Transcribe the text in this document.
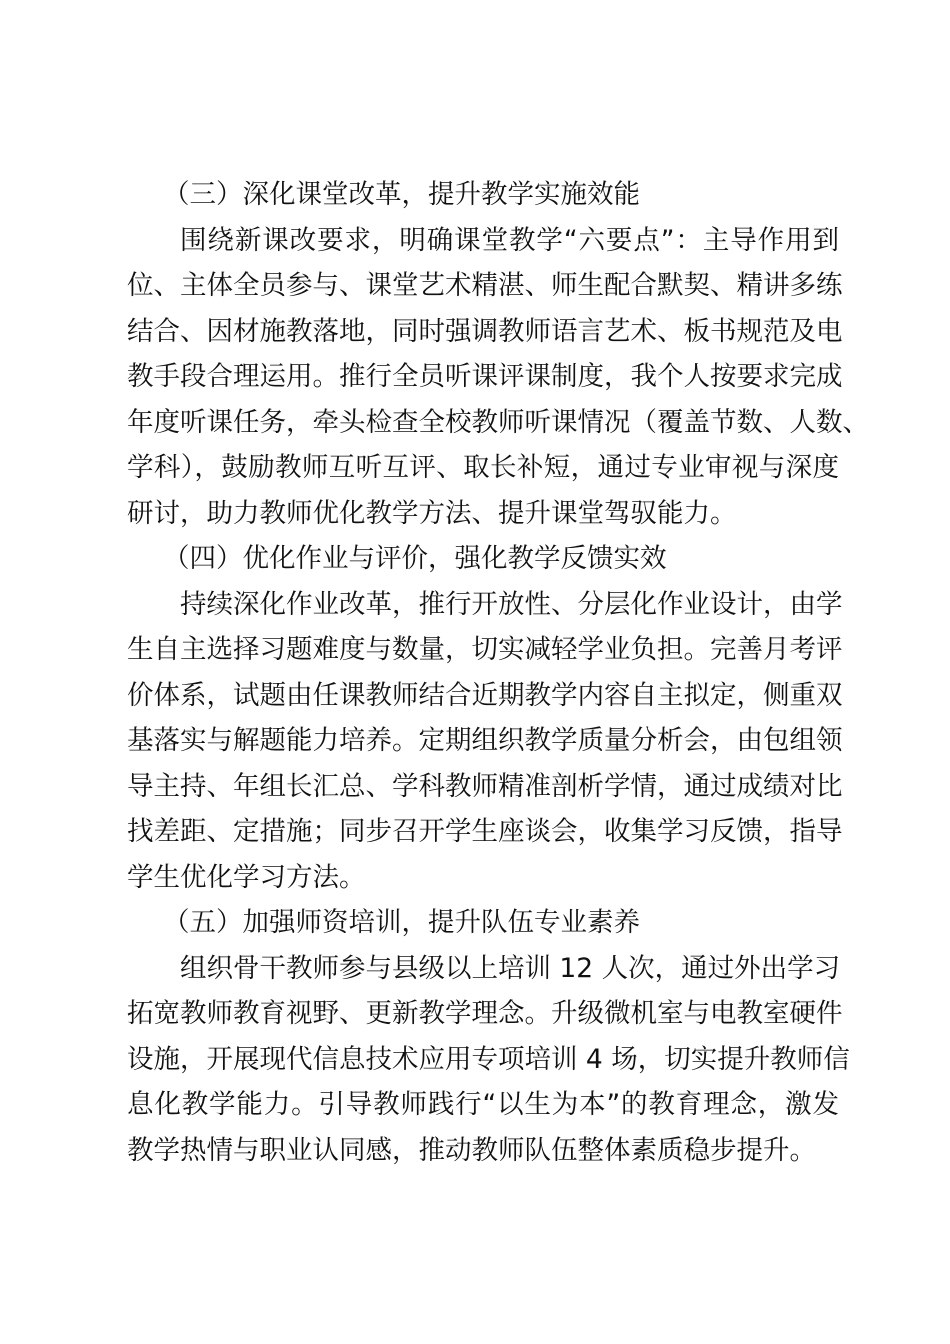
（三）深化课堂改革，提升教学实施效能
围绕新课改要求，明确课堂教学“六要点”：主导作用到
位、主体全员参与、课堂艺术精湛、师生配合默契、精讲多练
结合、因材施教落地，同时强调教师语言艺术、板书规范及电
教手段合理运用。推行全员听课评课制度，我个人按要求完成
年度听课任务，牵头检查全校教师听课情况（覆盖节数、人数、
学科），鼓励教师互听互评、取长补短，通过专业审视与深度
研讨，助力教师优化教学方法、提升课堂驾驭能力。
（四）优化作业与评价，强化教学反馈实效
持续深化作业改革，推行开放性、分层化作业设计，由学
生自主选择习题难度与数量，切实减轻学业负担。完善月考评
价体系，试题由任课教师结合近期教学内容自主拟定，侧重双
基落实与解题能力培养。定期组织教学质量分析会，由包组领
导主持、年组长汇总、学科教师精准剖析学情，通过成绩对比
找差距、定措施；同步召开学生座谈会，收集学习反馈，指导
学生优化学习方法。
（五）加强师资培训，提升队伍专业素养
组织骨干教师参与县级以上培训 12 人次，通过外出学习
拓宽教师教育视野、更新教学理念。升级微机室与电教室硬件
设施，开展现代信息技术应用专项培训 4 场，切实提升教师信
息化教学能力。引导教师践行“以生为本”的教育理念，激发
教学热情与职业认同感，推动教师队伍整体素质稳步提升。
